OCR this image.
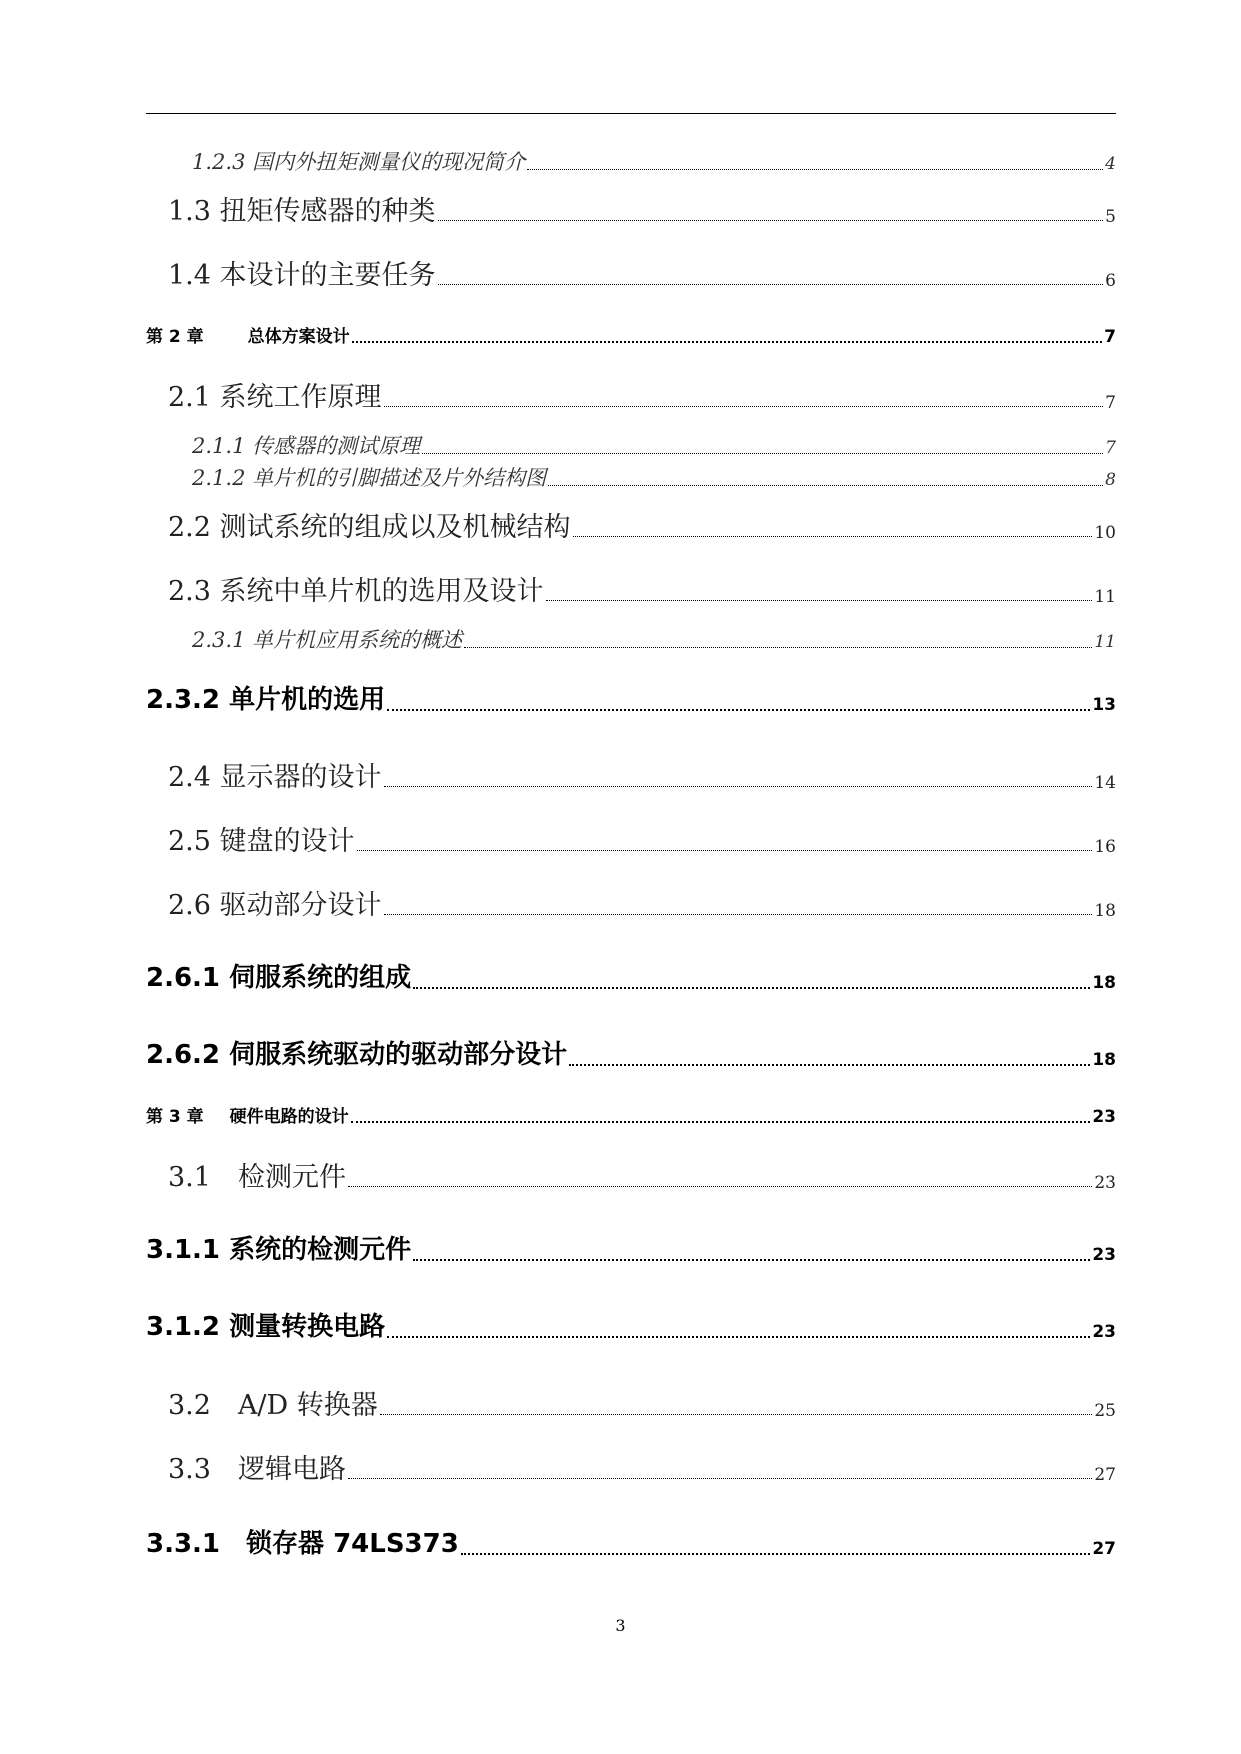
1.2.3 国内外扭矩测量仪的现况简介	4
1.3 扭矩传感器的种类	5
1.4 本设计的主要任务	6
第 2 章	总体方案设计	7
2.1 系统工作原理	7
2.1.1 传感器的测试原理	7
2.1.2 单片机的引脚描述及片外结构图	8
2.2 测试系统的组成以及机械结构	10
2.3 系统中单片机的选用及设计	11
2.3.1 单片机应用系统的概述	11
2.3.2 单片机的选用	13
2.4 显示器的设计	14
2.5 键盘的设计	16
2.6 驱动部分设计	18
2.6.1 伺服系统的组成	18
2.6.2 伺服系统驱动的驱动部分设计	18
第 3 章 硬件电路的设计	23
3.1　检测元件	23
3.1.1 系统的检测元件	23
3.1.2 测量转换电路	23
3.2　A/D 转换器	25
3.3　逻辑电路	27
3.3.1　锁存器 74LS373	27
3
